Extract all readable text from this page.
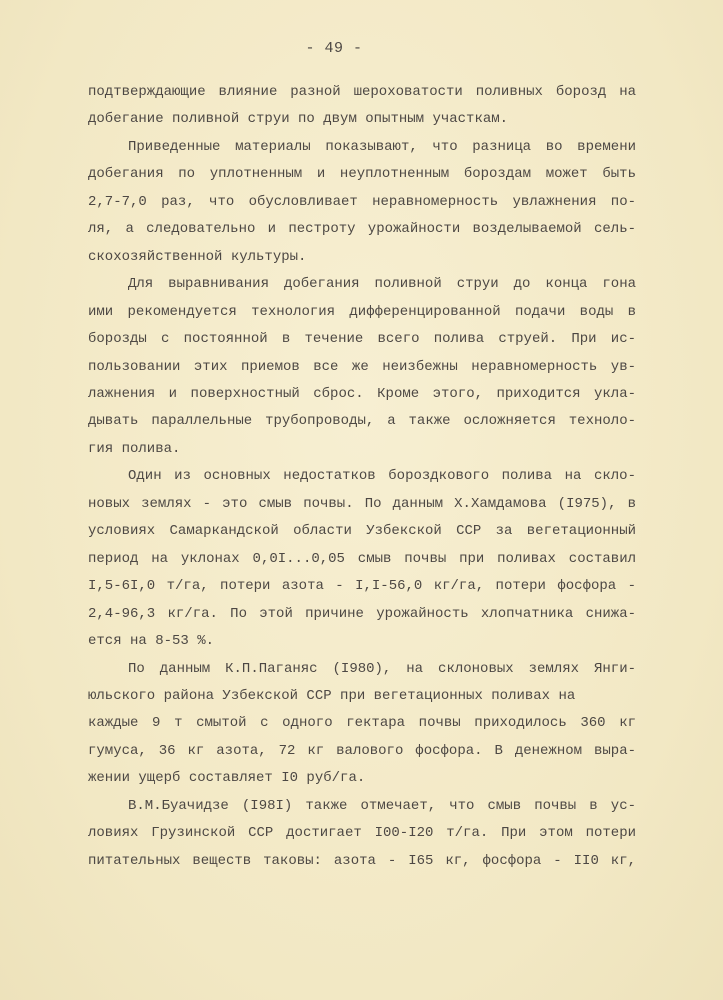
- 49 -
подтверждающие влияние разной шероховатости поливных борозд на
добегание поливной струи по двум опытным участкам.
Приведенные материалы показывают, что разница во времени
добегания по уплотненным и неуплотненным бороздам может быть
2,7-7,0 раз, что обусловливает неравномерность увлажнения по-
ля, а следовательно и пестроту урожайности возделываемой сель-
скохозяйственной культуры.
Для выравнивания добегания поливной струи до конца гона
ими рекомендуется технология дифференцированной подачи воды в
борозды с постоянной в течение всего полива струей. При ис-
пользовании этих приемов все же неизбежны неравномерность ув-
лажнения и поверхностный сброс. Кроме этого, приходится укла-
дывать параллельные трубопроводы, а также осложняется техноло-
гия полива.
Один из основных недостатков бороздкового полива на скло-
новых землях - это смыв почвы. По данным Х.Хамдамова (I975), в
условиях Самаркандской области Узбекской ССР за вегетационный
период на уклонах 0,0I...0,05 смыв почвы при поливах составил
I,5-6I,0 т/га, потери азота - I,I-56,0 кг/га, потери фосфора -
2,4-96,3 кг/га. По этой причине урожайность хлопчатника снижа-
ется на 8-53 %.
По данным К.П.Паганяс (I980), на склоновых землях Янги-
юльского района Узбекской ССР при вегетационных поливах на
каждые 9 т смытой с одного гектара почвы приходилось 360 кг
гумуса, 36 кг азота, 72 кг валового фосфора. В денежном выра-
жении ущерб составляет I0 руб/га.
В.М.Буачидзе (I98I) также отмечает, что смыв почвы в ус-
ловиях Грузинской ССР достигает I00-I20 т/га. При этом потери
питательных веществ таковы: азота - I65 кг, фосфора - II0 кг,
